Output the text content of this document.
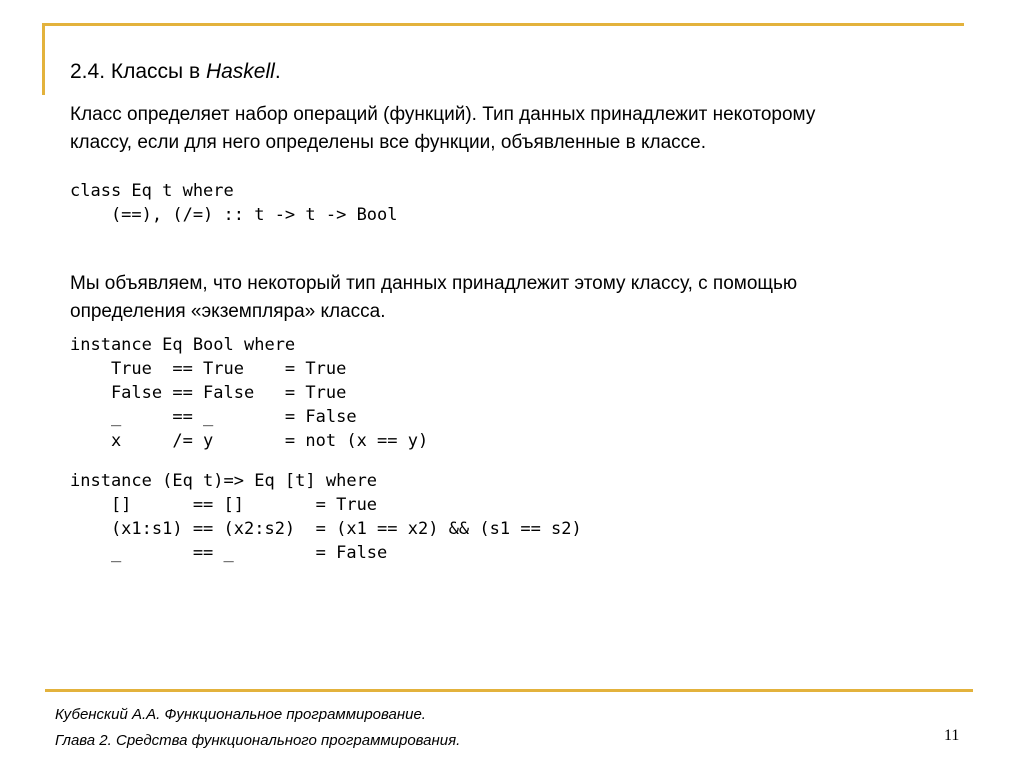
2.4. Классы в Haskell.
Класс определяет набор операций (функций). Тип данных принадлежит некоторому
классу, если для него определены все функции, объявленные в классе.
class Eq t where
(==), (/=) :: t -> t -> Bool
Мы объявляем, что некоторый тип данных принадлежит этому классу, с помощью
определения «экземпляра» класса.
instance Eq Bool where
True  == True    = True
False == False   = True
_     == _       = False
x     /= y       = not (x == y)
instance (Eq t)=> Eq [t] where
[]      == []       = True
(x1:s1) == (x2:s2)  = (x1 == x2) && (s1 == s2)
_       == _        = False
Кубенский А.А. Функциональное программирование.
Глава 2. Средства функционального программирования.	11
